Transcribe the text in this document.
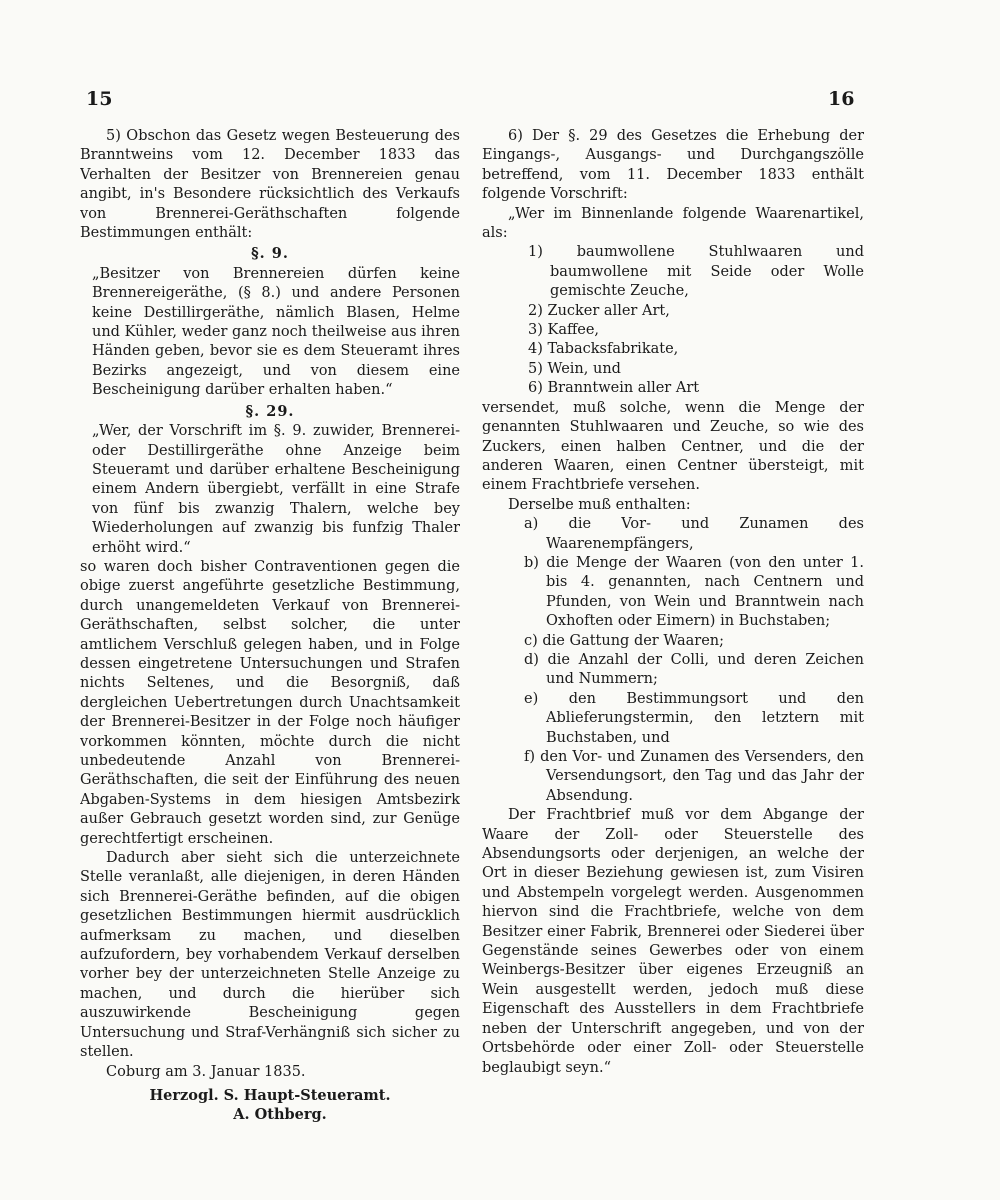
15	16

5) Obschon das Gesetz wegen Besteuerung des Branntweins vom 12. December 1833 das Verhalten der Besitzer von Brennereien genau angibt, in's Besondere rücksichtlich des Verkaufs von Brennerei-Geräthschaften folgende Bestimmungen enthält:

§. 9.

„Besitzer von Brennereien dürfen keine Brennereigeräthe, (§ 8.) und andere Personen keine Destillirgeräthe, nämlich Blasen, Helme und Kühler, weder ganz noch theilweise aus ihren Händen geben, bevor sie es dem Steueramt ihres Bezirks angezeigt, und von diesem eine Bescheinigung darüber erhalten haben.“

§. 29.

„Wer, der Vorschrift im §. 9. zuwider, Brennerei- oder Destillirgeräthe ohne Anzeige beim Steueramt und darüber erhaltene Bescheinigung einem Andern übergiebt, verfällt in eine Strafe von fünf bis zwanzig Thalern, welche bey Wiederholungen auf zwanzig bis funfzig Thaler erhöht wird.“

so waren doch bisher Contraventionen gegen die obige zuerst angeführte gesetzliche Bestimmung, durch unangemeldeten Verkauf von Brennerei-Geräthschaften, selbst solcher, die unter amtlichem Verschluß gelegen haben, und in Folge dessen eingetretene Untersuchungen und Strafen nichts Seltenes, und die Besorgniß, daß dergleichen Uebertretungen durch Unachtsamkeit der Brennerei-Besitzer in der Folge noch häufiger vorkommen könnten, möchte durch die nicht unbedeutende Anzahl von Brennerei-Geräthschaften, die seit der Einführung des neuen Abgaben-Systems in dem hiesigen Amtsbezirk außer Gebrauch gesetzt worden sind, zur Genüge gerechtfertigt erscheinen.

Dadurch aber sieht sich die unterzeichnete Stelle veranlaßt, alle diejenigen, in deren Händen sich Brennerei-Geräthe befinden, auf die obigen gesetzlichen Bestimmungen hiermit ausdrücklich aufmerksam zu machen, und dieselben aufzufordern, bey vorhabendem Verkauf derselben vorher bey der unterzeichneten Stelle Anzeige zu machen, und durch die hierüber sich auszuwirkende Bescheinigung gegen Untersuchung und Straf-Verhängniß sich sicher zu stellen.

Coburg am 3. Januar 1835.

Herzogl. S. Haupt-Steueramt.

A. Othberg.

6) Der §. 29 des Gesetzes die Erhebung der Eingangs-, Ausgangs- und Durchgangszölle betreffend, vom 11. December 1833 enthält folgende Vorschrift:

„Wer im Binnenlande folgende Waarenartikel, als:

1) baumwollene Stuhlwaaren und baumwollene mit Seide oder Wolle gemischte Zeuche,

2) Zucker aller Art,

3) Kaffee,

4) Tabacksfabrikate,

5) Wein, und

6) Branntwein aller Art

versendet, muß solche, wenn die Menge der genannten Stuhlwaaren und Zeuche, so wie des Zuckers, einen halben Centner, und die der anderen Waaren, einen Centner übersteigt, mit einem Frachtbriefe versehen.

Derselbe muß enthalten:

a) die Vor- und Zunamen des Waarenempfängers,

b) die Menge der Waaren (von den unter 1. bis 4. genannten, nach Centnern und Pfunden, von Wein und Branntwein nach Oxhoften oder Eimern) in Buchstaben;

c) die Gattung der Waaren;

d) die Anzahl der Colli, und deren Zeichen und Nummern;

e) den Bestimmungsort und den Ablieferungstermin, den letztern mit Buchstaben, und

f) den Vor- und Zunamen des Versenders, den Versendungsort, den Tag und das Jahr der Absendung.

Der Frachtbrief muß vor dem Abgange der Waare der Zoll- oder Steuerstelle des Absendungsorts oder derjenigen, an welche der Ort in dieser Beziehung gewiesen ist, zum Visiren und Abstempeln vorgelegt werden. Ausgenommen hiervon sind die Frachtbriefe, welche von dem Besitzer einer Fabrik, Brennerei oder Siederei über Gegenstände seines Gewerbes oder von einem Weinbergs-Besitzer über eigenes Erzeugniß an Wein ausgestellt werden, jedoch muß diese Eigenschaft des Ausstellers in dem Frachtbriefe neben der Unterschrift angegeben, und von der Ortsbehörde oder einer Zoll- oder Steuerstelle beglaubigt seyn.“
